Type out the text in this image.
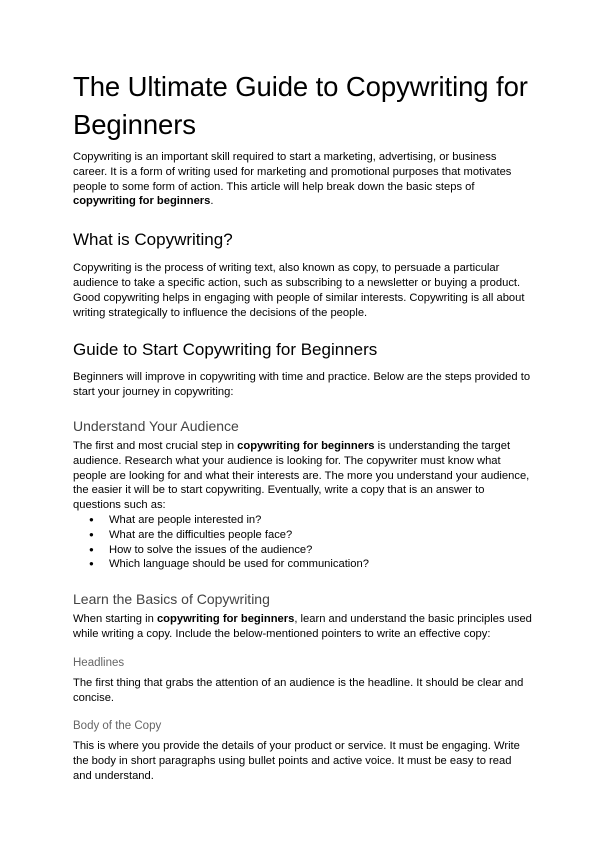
The Ultimate Guide to Copywriting for Beginners

Copywriting is an important skill required to start a marketing, advertising, or business career. It is a form of writing used for marketing and promotional purposes that motivates people to some form of action. This article will help break down the basic steps of copywriting for beginners.

What is Copywriting?

Copywriting is the process of writing text, also known as copy, to persuade a particular audience to take a specific action, such as subscribing to a newsletter or buying a product. Good copywriting helps in engaging with people of similar interests. Copywriting is all about writing strategically to influence the decisions of the people.

Guide to Start Copywriting for Beginners

Beginners will improve in copywriting with time and practice. Below are the steps provided to start your journey in copywriting:

Understand Your Audience

The first and most crucial step in copywriting for beginners is understanding the target audience. Research what your audience is looking for. The copywriter must know what people are looking for and what their interests are. The more you understand your audience, the easier it will be to start copywriting. Eventually, write a copy that is an answer to questions such as:

● What are people interested in?
● What are the difficulties people face?
● How to solve the issues of the audience?
● Which language should be used for communication?
Learn the Basics of Copywriting

When starting in copywriting for beginners, learn and understand the basic principles used while writing a copy. Include the below-mentioned pointers to write an effective copy:

Headlines

The first thing that grabs the attention of an audience is the headline. It should be clear and concise.

Body of the Copy

This is where you provide the details of your product or service. It must be engaging. Write the body in short paragraphs using bullet points and active voice. It must be easy to read and understand.
